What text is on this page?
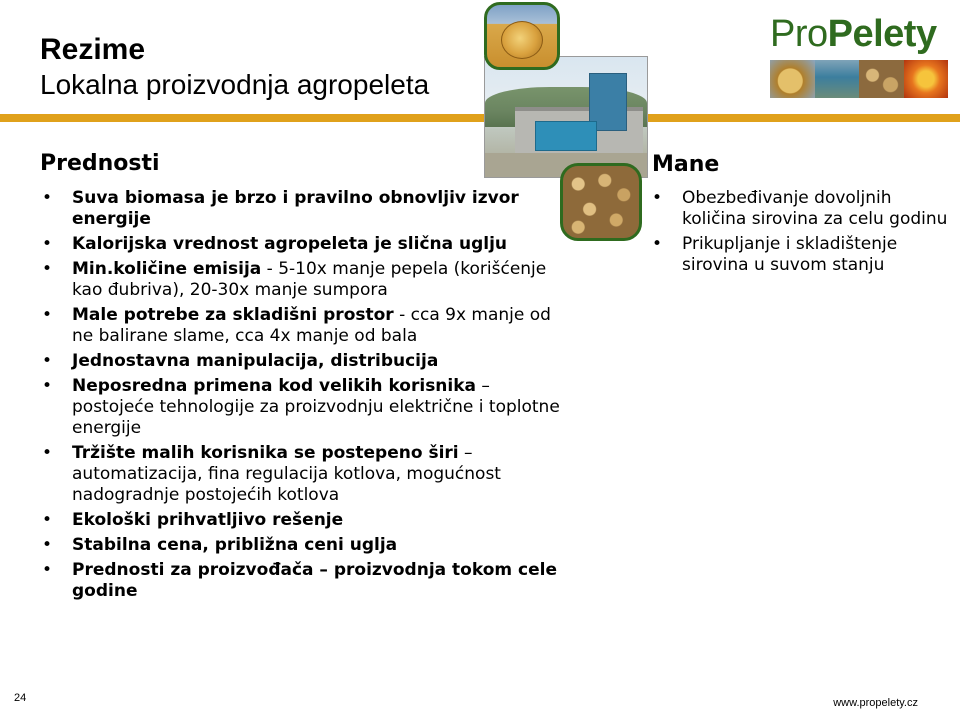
Rezime
Lokalna proizvodnja agropeleta
ProPelety
Prednosti
• Suva biomasa je brzo i pravilno obnovljiv izvor energije
• Kalorijska vrednost agropeleta je slična uglju
• Min.količine emisija - 5-10x manje pepela (korišćenje kao đubriva), 20-30x manje sumpora
• Male potrebe za skladišni prostor - cca 9x manje od ne balirane slame, cca 4x manje od bala
• Jednostavna manipulacija, distribucija
• Neposredna primena kod velikih korisnika – postojeće tehnologije za proizvodnju električne i toplotne energije
• Tržište malih korisnika se postepeno širi – automatizacija, fina regulacija kotlova, mogućnost nadogradnje postojećih kotlova
• Ekološki prihvatljivo rešenje
• Stabilna cena, približna ceni uglja
• Prednosti za proizvođača – proizvodnja tokom cele godine
Mane
• Obezbeđivanje dovoljnih količina sirovina za celu godinu
• Prikupljanje i skladištenje sirovina u suvom stanju
24	www.propelety.cz
